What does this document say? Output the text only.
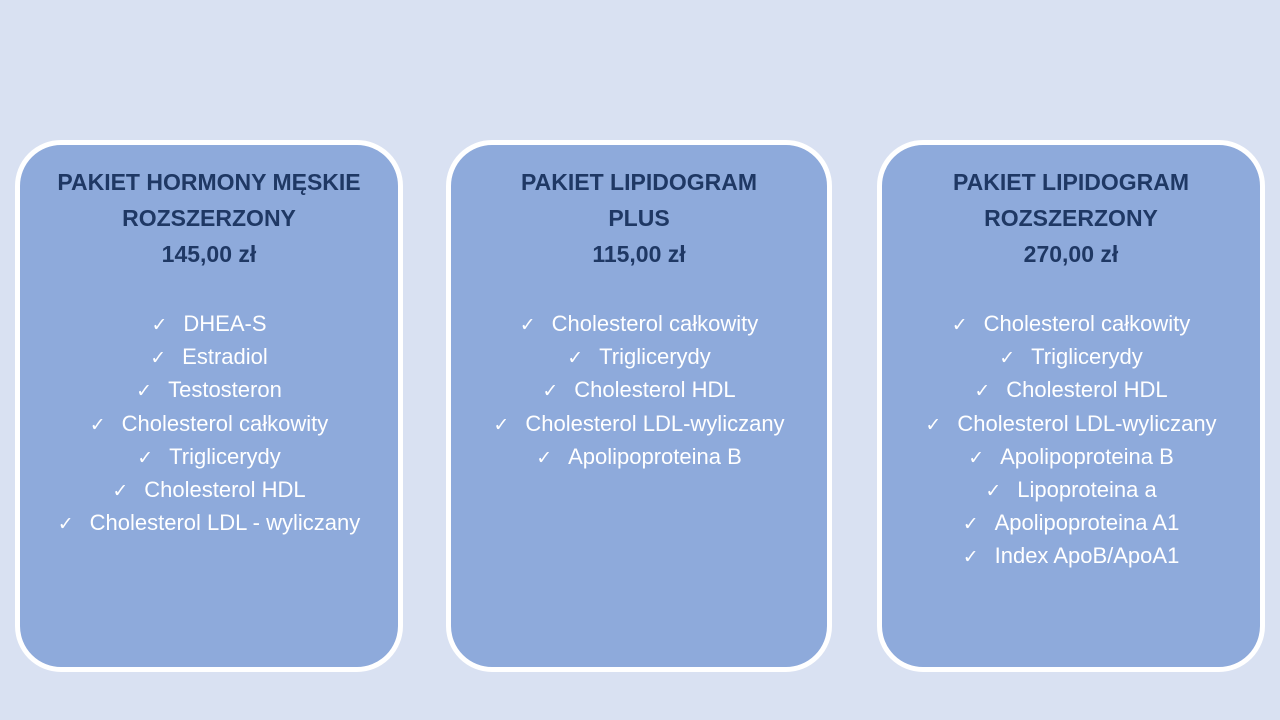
PAKIET HORMONY MĘSKIE
ROZSZERZONY
145,00 zł
✓ DHEA-S
✓ Estradiol
✓ Testosteron
✓ Cholesterol całkowity
✓ Triglicerydy
✓ Cholesterol HDL
✓ Cholesterol LDL - wyliczany
PAKIET LIPIDOGRAM
PLUS
115,00 zł
✓ Cholesterol całkowity
✓ Triglicerydy
✓ Cholesterol HDL
✓ Cholesterol LDL-wyliczany
✓ Apolipoproteina B
PAKIET LIPIDOGRAM
ROZSZERZONY
270,00 zł
✓ Cholesterol całkowity
✓ Triglicerydy
✓ Cholesterol HDL
✓ Cholesterol LDL-wyliczany
✓ Apolipoproteina B
✓ Lipoproteina a
✓ Apolipoproteina A1
✓ Index ApoB/ApoA1
